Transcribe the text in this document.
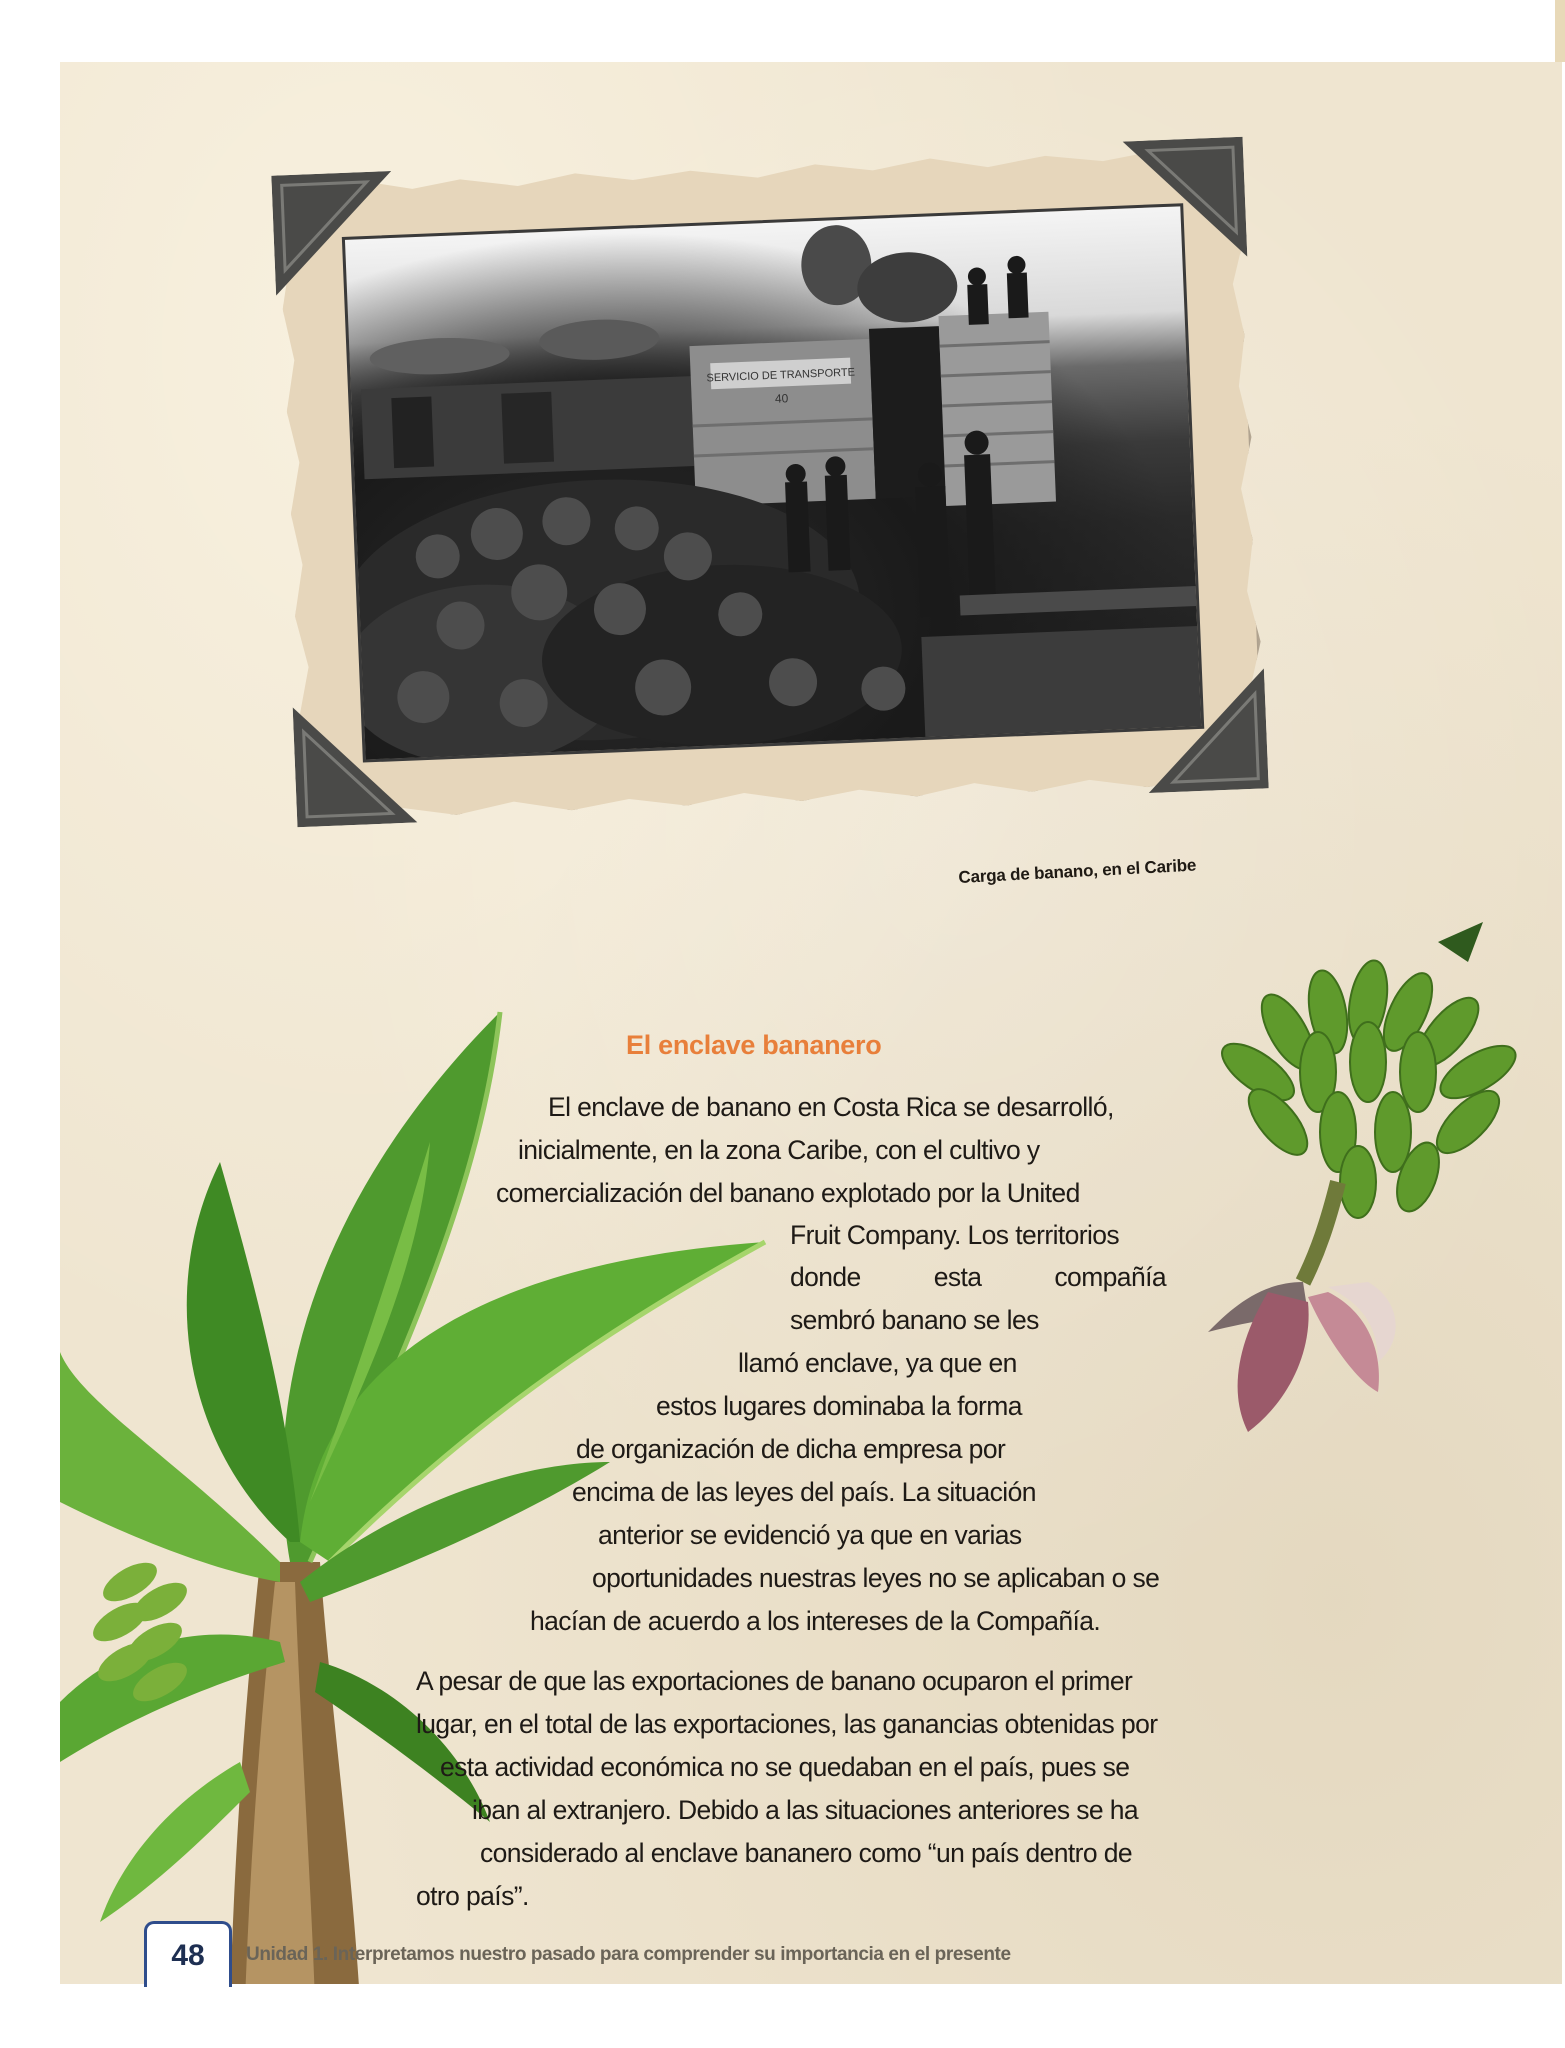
SERVICIO DE TRANSPORTE
40
Carga de banano, en el Caribe
El enclave bananero
El enclave de banano en Costa Rica se desarrolló,
inicialmente, en la zona Caribe, con el cultivo y
comercialización del banano explotado por la United
Fruit Company. Los territorios
donde	esta	compañía
sembró banano se les
llamó enclave, ya que en
estos lugares dominaba la forma
de organización de dicha empresa por
encima de las leyes del país. La situación
anterior se evidenció ya que en varias
oportunidades nuestras leyes no se aplicaban o se
hacían de acuerdo a los intereses de la Compañía.
A pesar de que las exportaciones de banano ocuparon el primer
lugar, en el total de las exportaciones, las ganancias obtenidas por
esta actividad económica no se quedaban en el país, pues se
iban al extranjero. Debido a las situaciones anteriores se ha
considerado al enclave bananero como “un país dentro de
otro país”.
48	Unidad 1. Interpretamos nuestro pasado para comprender su importancia en el presente
